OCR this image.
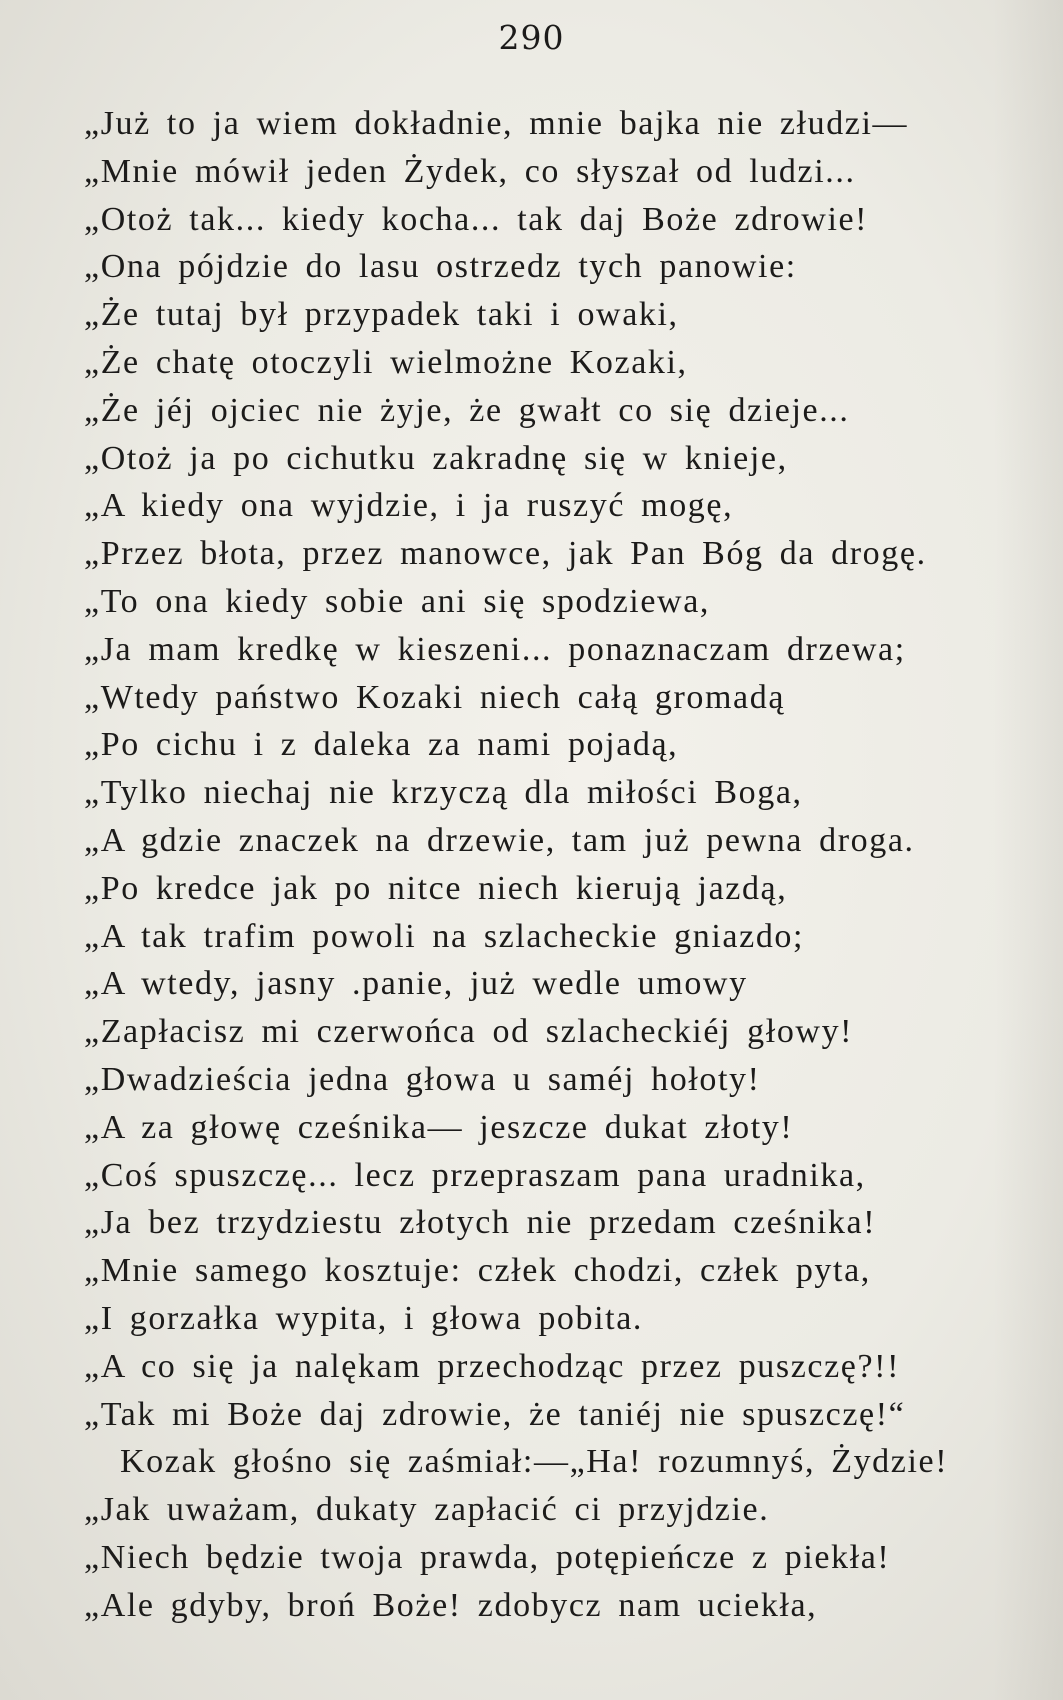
290
„Już to ja wiem dokładnie, mnie bajka nie złudzi—
„Mnie mówił jeden Żydek, co słyszał od ludzi...
„Otoż tak... kiedy kocha... tak daj Boże zdrowie!
„Ona pójdzie do lasu ostrzedz tych panowie:
„Że tutaj był przypadek taki i owaki,
„Że chatę otoczyli wielmożne Kozaki,
„Że jéj ojciec nie żyje, że gwałt co się dzieje...
„Otoż ja po cichutku zakradnę się w knieje,
„A kiedy ona wyjdzie, i ja ruszyć mogę,
„Przez błota, przez manowce, jak Pan Bóg da drogę.
„To ona kiedy sobie ani się spodziewa,
„Ja mam kredkę w kieszeni... ponaznaczam drzewa;
„Wtedy państwo Kozaki niech całą gromadą
„Po cichu i z daleka za nami pojadą,
„Tylko niechaj nie krzyczą dla miłości Boga,
„A gdzie znaczek na drzewie, tam już pewna droga.
„Po kredce jak po nitce niech kierują jazdą,
„A tak trafim powoli na szlacheckie gniazdo;
„A wtedy, jasny .panie, już wedle umowy
„Zapłacisz mi czerwońca od szlacheckiéj głowy!
„Dwadzieścia jedna głowa u saméj hołoty!
„A za głowę cześnika— jeszcze dukat złoty!
„Coś spuszczę... lecz przepraszam pana uradnika,
„Ja bez trzydziestu złotych nie przedam cześnika!
„Mnie samego kosztuje: człek chodzi, człek pyta,
„I gorzałka wypita, i głowa pobita.
„A co się ja nalękam przechodząc przez puszczę?!!
„Tak mi Boże daj zdrowie, że taniéj nie spuszczę!“
Kozak głośno się zaśmiał:—„Ha! rozumnyś, Żydzie!
„Jak uważam, dukaty zapłacić ci przyjdzie.
„Niech będzie twoja prawda, potępieńcze z piekła!
„Ale gdyby, broń Boże! zdobycz nam uciekła,
